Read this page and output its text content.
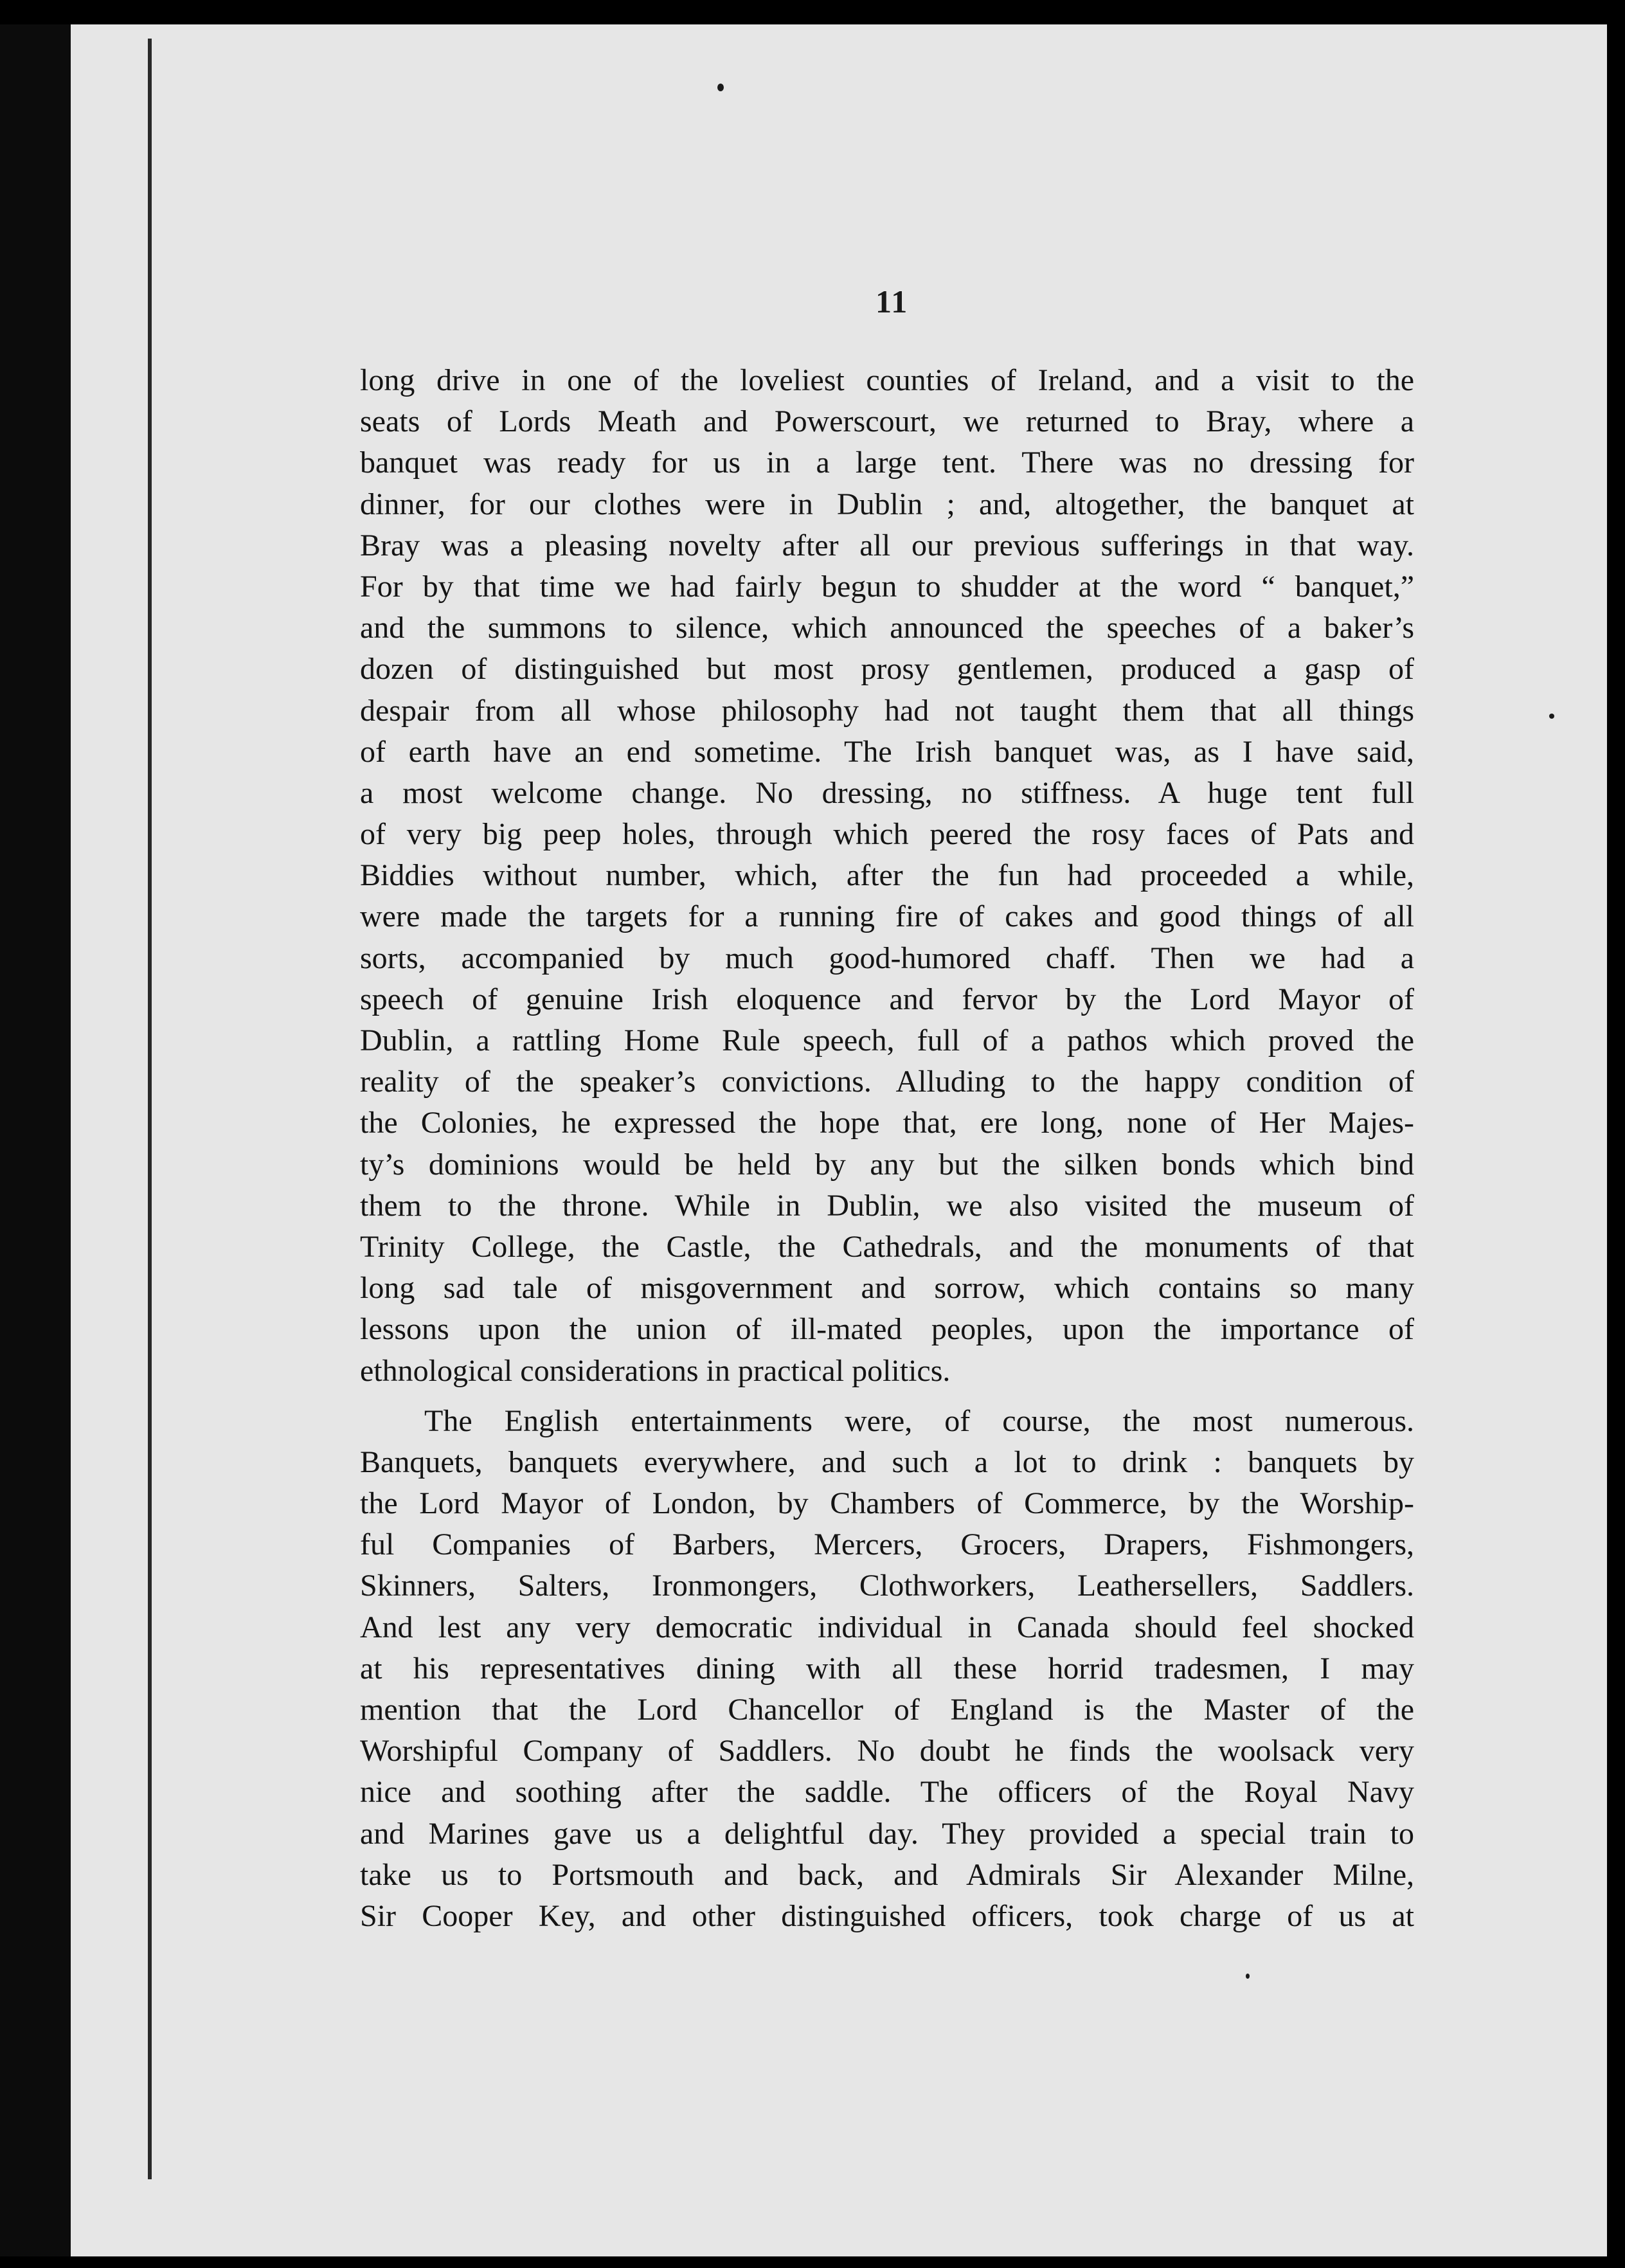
11
long drive in one of the loveliest counties of Ireland, and a visit to the
seats of Lords Meath and Powerscourt, we returned to Bray, where a
banquet was ready for us in a large tent. There was no dressing for
dinner, for our clothes were in Dublin ; and, altogether, the banquet at
Bray was a pleasing novelty after all our previous sufferings in that way.
For by that time we had fairly begun to shudder at the word “ banquet,”
and the summons to silence, which announced the speeches of a baker’s
dozen of distinguished but most prosy gentlemen, produced a gasp of
despair from all whose philosophy had not taught them that all things
of earth have an end sometime. The Irish banquet was, as I have said,
a most welcome change. No dressing, no stiffness. A huge tent full
of very big peep holes, through which peered the rosy faces of Pats and
Biddies without number, which, after the fun had proceeded a while,
were made the targets for a running fire of cakes and good things of all
sorts, accompanied by much good-humored chaff. Then we had a
speech of genuine Irish eloquence and fervor by the Lord Mayor of
Dublin, a rattling Home Rule speech, full of a pathos which proved the
reality of the speaker’s convictions. Alluding to the happy condition of
the Colonies, he expressed the hope that, ere long, none of Her Majes-
ty’s dominions would be held by any but the silken bonds which bind
them to the throne. While in Dublin, we also visited the museum of
Trinity College, the Castle, the Cathedrals, and the monuments of that
long sad tale of misgovernment and sorrow, which contains so many
lessons upon the union of ill-mated peoples, upon the importance of
ethnological considerations in practical politics.
The English entertainments were, of course, the most numerous.
Banquets, banquets everywhere, and such a lot to drink : banquets by
the Lord Mayor of London, by Chambers of Commerce, by the Worship-
ful Companies of Barbers, Mercers, Grocers, Drapers, Fishmongers,
Skinners, Salters, Ironmongers, Clothworkers, Leathersellers, Saddlers.
And lest any very democratic individual in Canada should feel shocked
at his representatives dining with all these horrid tradesmen, I may
mention that the Lord Chancellor of England is the Master of the
Worshipful Company of Saddlers. No doubt he finds the woolsack very
nice and soothing after the saddle. The officers of the Royal Navy
and Marines gave us a delightful day. They provided a special train to
take us to Portsmouth and back, and Admirals Sir Alexander Milne,
Sir Cooper Key, and other distinguished officers, took charge of us at
